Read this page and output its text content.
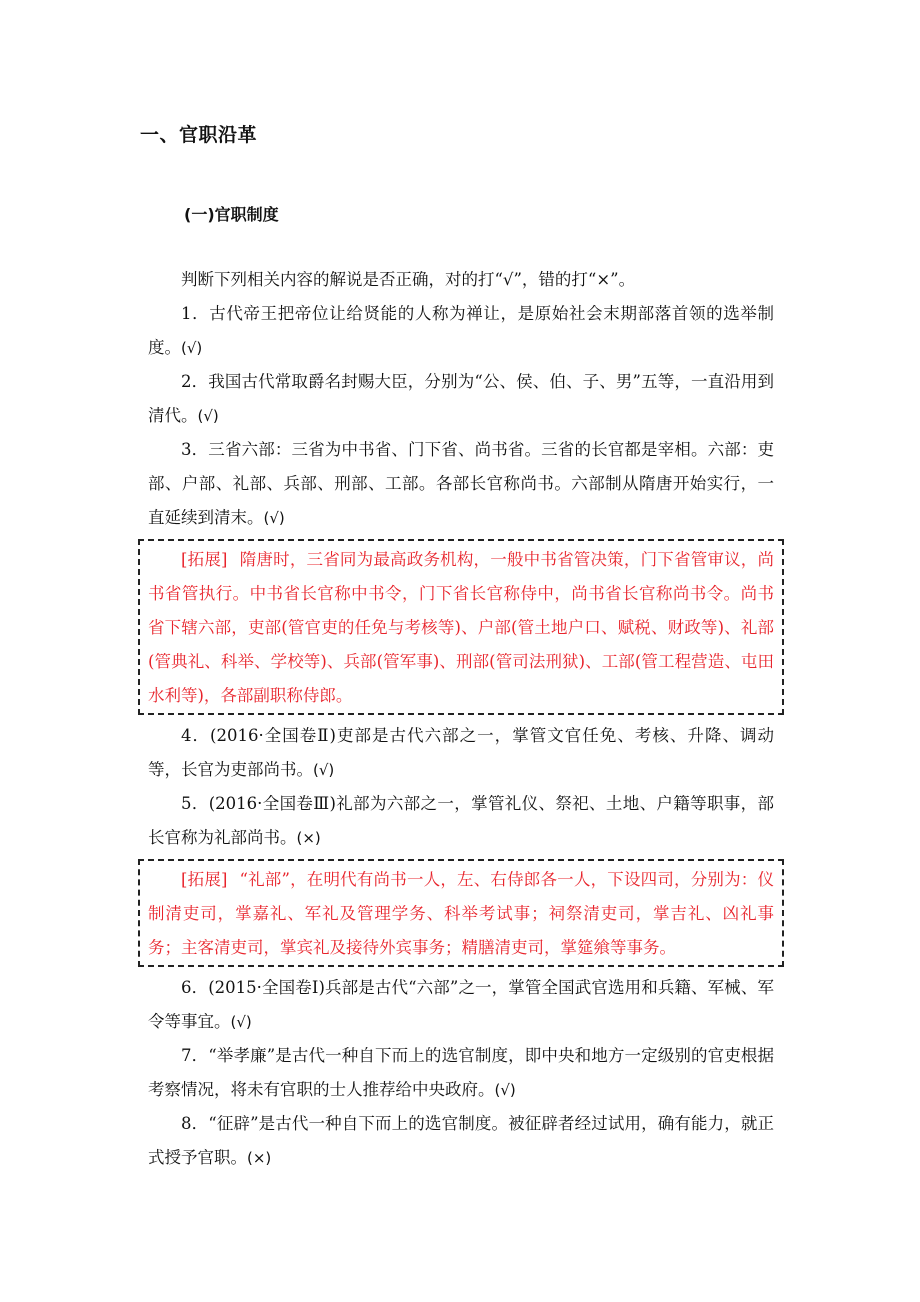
一、官职沿革
(一)官职制度

判断下列相关内容的解说是否正确，对的打“√”，错的打“×”。

1．古代帝王把帝位让给贤能的人称为禅让，是原始社会末期部落首领的选举制度。(√)

2．我国古代常取爵名封赐大臣，分别为“公、侯、伯、子、男”五等，一直沿用到清代。(√)

3．三省六部：三省为中书省、门下省、尚书省。三省的长官都是宰相。六部：吏部、户部、礼部、兵部、刑部、工部。各部长官称尚书。六部制从隋唐开始实行，一直延续到清末。(√)

[拓展] 隋唐时，三省同为最高政务机构，一般中书省管决策，门下省管审议，尚书省管执行。中书省长官称中书令，门下省长官称侍中，尚书省长官称尚书令。尚书省下辖六部，吏部(管官吏的任免与考核等)、户部(管土地户口、赋税、财政等)、礼部(管典礼、科举、学校等)、兵部(管军事)、刑部(管司法刑狱)、工部(管工程营造、屯田水利等)，各部副职称侍郎。

4．(2016·全国卷Ⅱ)吏部是古代六部之一，掌管文官任免、考核、升降、调动等，长官为吏部尚书。(√)

5．(2016·全国卷Ⅲ)礼部为六部之一，掌管礼仪、祭祀、土地、户籍等职事，部长官称为礼部尚书。(×)

[拓展] “礼部”，在明代有尚书一人，左、右侍郎各一人，下设四司，分别为：仪制清吏司，掌嘉礼、军礼及管理学务、科举考试事；祠祭清吏司，掌吉礼、凶礼事务；主客清吏司，掌宾礼及接待外宾事务；精膳清吏司，掌筵飨等事务。

6．(2015·全国卷Ⅰ)兵部是古代“六部”之一，掌管全国武官选用和兵籍、军械、军令等事宜。(√)

7．“举孝廉”是古代一种自下而上的选官制度，即中央和地方一定级别的官吏根据考察情况，将未有官职的士人推荐给中央政府。(√)

8．“征辟”是古代一种自下而上的选官制度。被征辟者经过试用，确有能力，就正式授予官职。(×)
